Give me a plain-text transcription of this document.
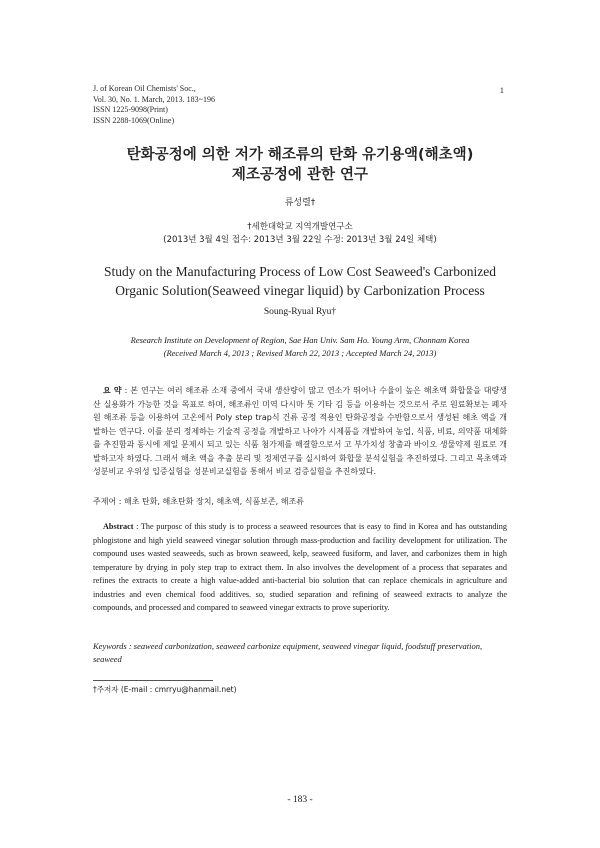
J. of Korean Oil Chemists' Soc.,
Vol. 30, No. 1. March, 2013. 183~196
ISSN 1225-9098(Print)
ISSN 2288-1069(Online)
1
탄화공정에 의한 저가 해조류의 탄화 유기용액(해초액)
제조공정에 관한 연구
류성렬†
†세한대학교 지역개발연구소
(2013년 3월 4일 접수: 2013년 3월 22일 수정: 2013년 3월 24일 체택)
Study on the Manufacturing Process of Low Cost Seaweed's Carbonized
Organic Solution(Seaweed vinegar liquid) by Carbonization Process
Soung-Ryual Ryu†
Research Institute on Development of Region, Sae Han Univ. Sam Ho. Young Arm, Chonnam Korea
(Received March 4, 2013 ; Revised March 22, 2013 ; Accepted March 24, 2013)
요 약 : 본 연구는 여러 해조류 소재 중에서 국내 생산량이 많고 연소가 뛰어나 수율이 높은 해초액 화합물을 대량생산 실용화가 가능한 것을 목표로 하며, 해조류인 미역 다시마 톳 기타 김 등을 이용하는 것으로서 주로 원료확보는 폐자원 해조류 등을 이용하여 고온에서 Poly step trap식 건류 공정 적용인 탄화공정을 수반함으로서 생성된 해초 액을 개발하는 연구다. 이를 분리 정제하는 기술적 공정을 개발하고 나아가 시제품을 개발하여 농업, 식품, 비료, 의약품 대체화를 추진함과 동시에 제일 문제시 되고 있는 식품 첨가제를 해결함으로서 고 부가치성 창출과 바이오 생물약제 원료로 개발하고자 하였다. 그래서 해초 액을 추출 분리 및 정제연구를 실시하여 화합물 분석실험을 추진하였다. 그리고 목초액과 성분비교 우위성 입증실험을 성분비교실험을 통해서 비교 검증실험을 추진하였다.
주제어 : 해초 탄화, 해초탄화 장치, 해초액, 식품보존, 해조류
Abstract : The purposc of this study is to process a seaweed resources that is easy to find in Korea and has outstanding phlogistone and high yield seaweed vinegar solution through mass-production and facility development for utilization. The compound uses wasted seaweeds, such as brown seaweed, kelp, seaweed fusiform, and laver, and carbonizes them in high temperature by drying in poly step trap to extract them. In also involves the development of a process that separates and refines the extracts to create a high value-added anti-bacterial bio solution that can replace chemicals in agriculture and industries and even chemical food additives. so, studied separation and refining of seaweed extracts to analyze the compounds, and processed and compared to seaweed vinegar extracts to prove superiority.
Keywords : seaweed carbonization, seaweed carbonize equipment, seaweed vinegar liquid, foodstuff preservation, seaweed
†주저자 (E-mail : cmrryu@hanmail.net)
- 183 -
